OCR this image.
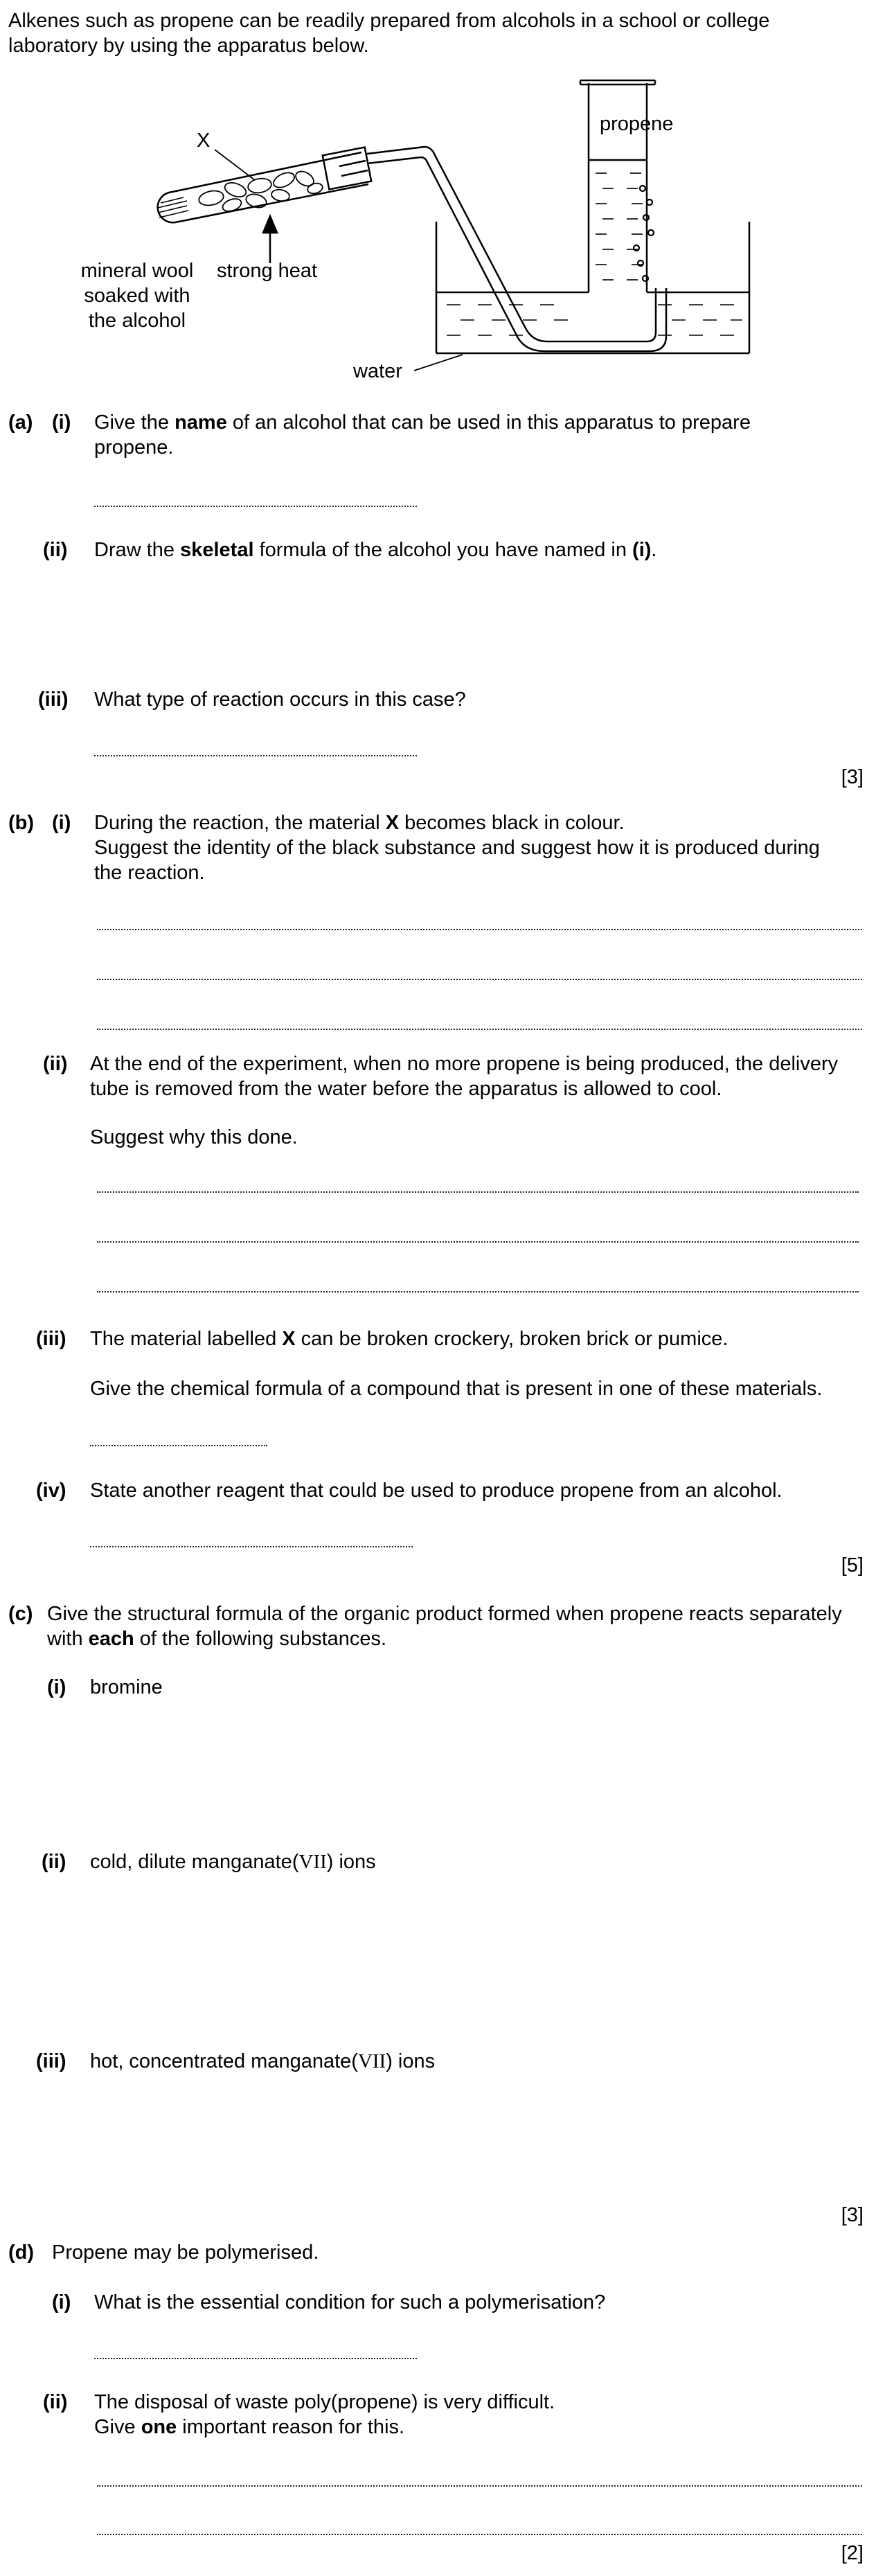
Alkenes such as propene can be readily prepared from alcohols in a school or college
laboratory by using the apparatus below.
X
propene
mineral wool
soaked with
the alcohol
strong heat
water
(a) (i) Give the name of an alcohol that can be used in this apparatus to prepare
propene.
(ii) Draw the skeletal formula of the alcohol you have named in (i).
(iii) What type of reaction occurs in this case?
[3]
(b) (i) During the reaction, the material X becomes black in colour.
Suggest the identity of the black substance and suggest how it is produced during
the reaction.
(ii) At the end of the experiment, when no more propene is being produced, the delivery
tube is removed from the water before the apparatus is allowed to cool.
Suggest why this done.
(iii) The material labelled X can be broken crockery, broken brick or pumice.
Give the chemical formula of a compound that is present in one of these materials.
(iv) State another reagent that could be used to produce propene from an alcohol.
[5]
(c) Give the structural formula of the organic product formed when propene reacts separately
with each of the following substances.
(i) bromine
(ii) cold, dilute manganate(VII) ions
(iii) hot, concentrated manganate(VII) ions
[3]
(d) Propene may be polymerised.
(i) What is the essential condition for such a polymerisation?
(ii) The disposal of waste poly(propene) is very difficult.
Give one important reason for this.
[2]
